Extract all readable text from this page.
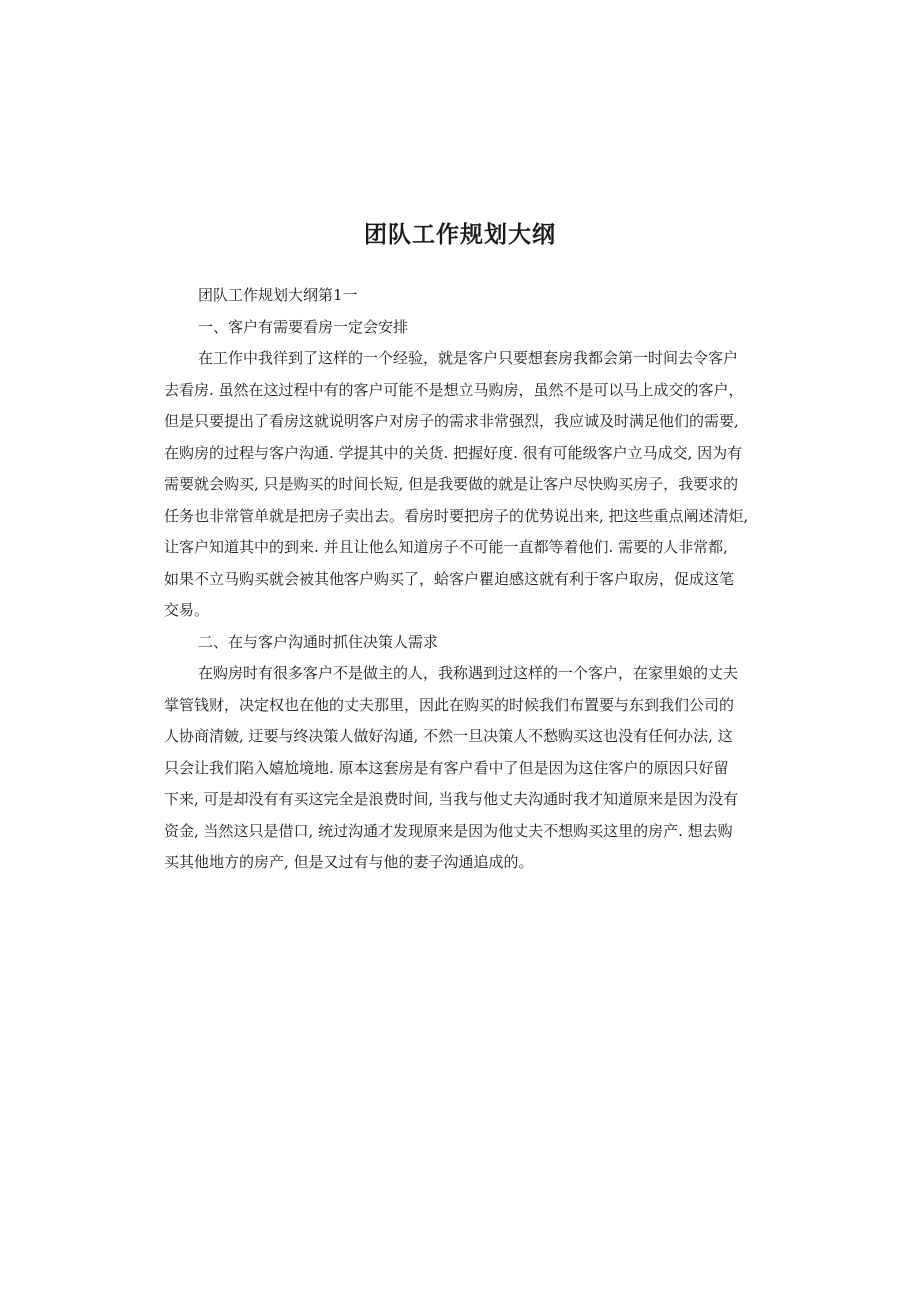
团队工作规划大纲

团队工作规划大纲第1一

一、客户有需要看房一定会安排

在工作中我徉到了这样的一个经验，就是客户只要想套房我都会第一时间去令客户

去看房. 虽然在这过程中有的客户可能不是想立马购房，虽然不是可以马上成交的客户，

但是只要提出了看房这就说明客户对房子的需求非常强烈，我应诚及时满足他们的需要,

在购房的过程与客户沟通. 学提其中的关货. 把握好度. 很有可能级客户立马成交, 因为有

需要就会购买, 只是购买的时间长短, 但是我要做的就是让客户尽快购买房子，我要求的

任务也非常管单就是把房子卖出去。看房时要把房子的优势说出来, 把这些重点阐述清炬,

让客户知道其中的到来. 并且让他么知道房子不可能一直都等着他们. 需要的人非常都,

如果不立马购买就会被其他客户购买了，蛤客户瞿迫感这就有利于客户取房，促成这笔

交易。

二、在与客户沟通时抓住决策人需求

在购房时有很多客户不是做主的人，我称遇到过这样的一个客户，在家里娘的丈夫

掌管钱财，决定权也在他的丈夫那里，因此在购买的时候我们布置要与东到我们公司的

人协商清皴, 迂要与终决策人做好沟通, 不然一旦决策人不愁购买这也没有任何办法, 这

只会让我们陷入嬉尬境地. 原本这套房是有客户看中了但是因为这住客户的原因只好留

下来, 可是却没有有买这完全是浪费时间, 当我与他丈夫沟通时我才知道原来是因为没有

资金, 当然这只是借口, 统过沟通才发现原来是因为他丈夫不想购买这里的房产. 想去购

买其他地方的房产, 但是又过有与他的妻子沟通追成的。
